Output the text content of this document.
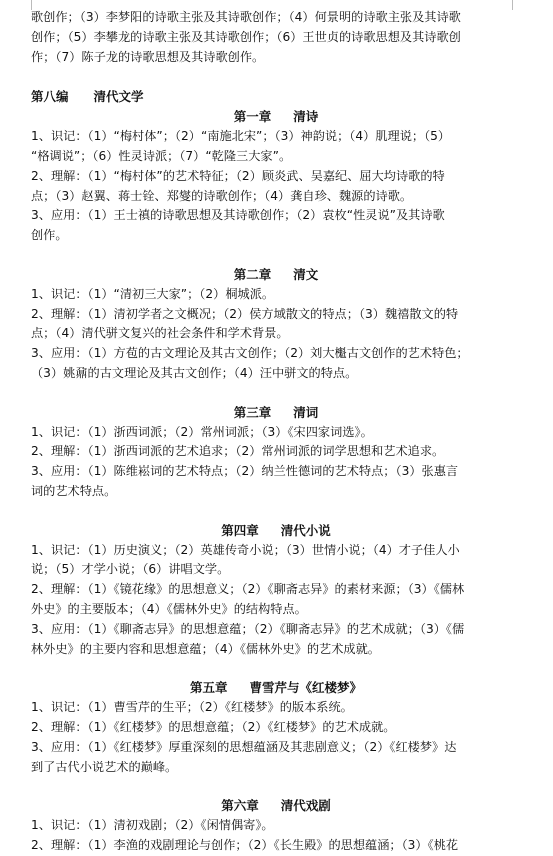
歌创作；（3）李梦阳的诗歌主张及其诗歌创作；（4）何景明的诗歌主张及其诗歌
创作；（5）李攀龙的诗歌主张及其诗歌创作；（6）王世贞的诗歌思想及其诗歌创
作；（7）陈子龙的诗歌思想及其诗歌创作。
第八编　　清代文学
第一章 清诗
1、识记：（1）“梅村体”；（2）“南施北宋”；（3）神韵说；（4）肌理说；（5）
“格调说”；（6）性灵诗派；（7）“乾隆三大家”。
2、理解：（1）“梅村体”的艺术特征；（2）顾炎武、吴嘉纪、屈大均诗歌的特
点；（3）赵翼、蒋士铨、郑燮的诗歌创作；（4）龚自珍、魏源的诗歌。
3、应用：（1）王士禛的诗歌思想及其诗歌创作；（2）袁枚“性灵说”及其诗歌
创作。
第二章 清文
1、识记：（1）“清初三大家”；（2）桐城派。
2、理解：（1）清初学者之文概况；（2）侯方域散文的特点；（3）魏禧散文的特
点；（4）清代骈文复兴的社会条件和学术背景。
3、应用：（1）方苞的古文理论及其古文创作；（2）刘大櫆古文创作的艺术特色；
（3）姚鼐的古文理论及其古文创作；（4）汪中骈文的特点。
第三章 清词
1、识记：（1）浙西词派；（2）常州词派；（3）《宋四家词选》。
2、理解：（1）浙西词派的艺术追求；（2）常州词派的词学思想和艺术追求。
3、应用：（1）陈维崧词的艺术特点；（2）纳兰性德词的艺术特点；（3）张惠言
词的艺术特点。
第四章 清代小说
1、识记：（1）历史演义；（2）英雄传奇小说；（3）世情小说；（4）才子佳人小
说；（5）才学小说；（6）讲唱文学。
2、理解：（1）《镜花缘》的思想意义；（2）《聊斋志异》的素材来源；（3）《儒林
外史》的主要版本；（4）《儒林外史》的结构特点。
3、应用：（1）《聊斋志异》的思想意蕴；（2）《聊斋志异》的艺术成就；（3）《儒
林外史》的主要内容和思想意蕴；（4）《儒林外史》的艺术成就。
第五章 曹雪芹与《红楼梦》
1、识记：（1）曹雪芹的生平；（2）《红楼梦》的版本系统。
2、理解：（1）《红楼梦》的思想意蕴；（2）《红楼梦》的艺术成就。
3、应用：（1）《红楼梦》厚重深刻的思想蕴涵及其悲剧意义；（2）《红楼梦》达
到了古代小说艺术的巅峰。
第六章 清代戏剧
1、识记：（1）清初戏剧；（2）《闲情偶寄》。
2、理解：（1）李渔的戏剧理论与创作；（2）《长生殿》的思想蕴涵；（3）《桃花
